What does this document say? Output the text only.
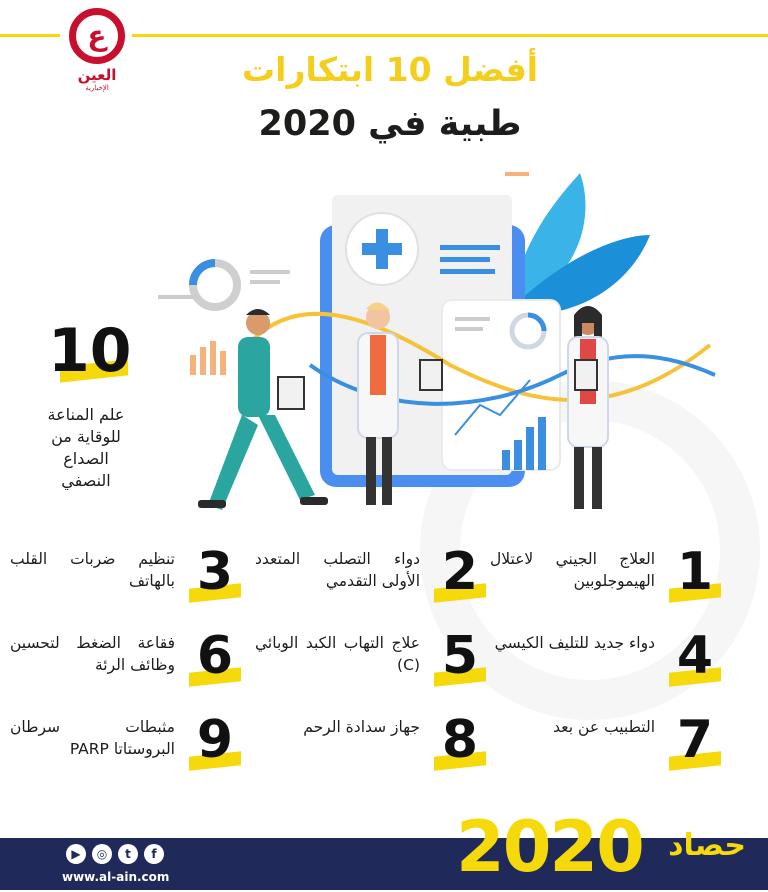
ع
العين
الإخبارية	أفضل 10 ابتكارات
طبية في 2020
10
علم المناعة للوقاية من الصداع النصفي
1
العلاج الجيني لاعتلال الهيموجلوبين
2
دواء التصلب المتعدد الأولى التقدمي
3
تنظيم ضربات القلب بالهاتف
4
دواء جديد للتليف الكيسي
5
علاج التهاب الكبد الوبائي (C)
6
فقاعة الضغط لتحسين وظائف الرئة
7
التطبيب عن بعد
8
جهاز سدادة الرحم
9
مثبطات سرطان البروستاتا PARP
▶	◎	t	f
www.al-ain.com	2020 حصاد
